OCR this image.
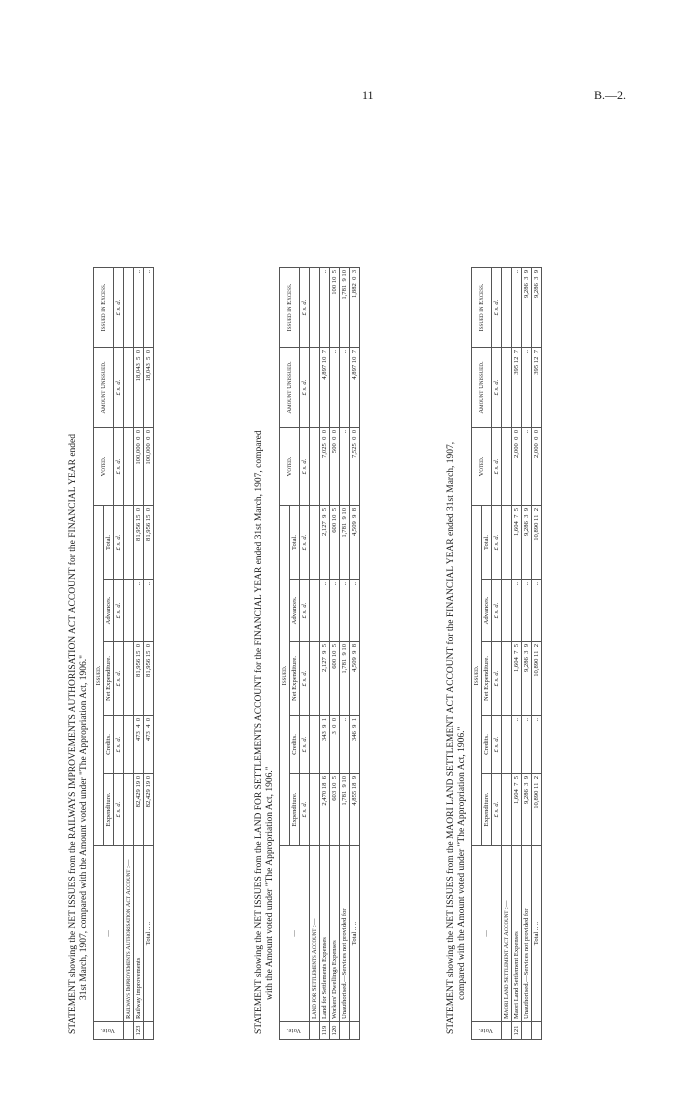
11	B.—2.
STATEMENT showing the NET ISSUES from the RAILWAYS IMPROVEMENTS AUTHORISATION ACT ACCOUNT for the FINANCIAL YEAR ended 31st March, 1907, compared with the Amount voted under "The Appropriation Act, 1906."
Vote.	—	Issued.					Voted.	Amount Unissued.	Issued in Excess.
		Expenditure.	Credits.	Net Expenditure.	Advances.	Total.			
		£ s. d.	£ s. d.	£ s. d.	£ s. d.	£ s. d.	£ s. d.	£ s. d.	£ s. d.
	Railways Improvements Authorisation Act Account :—								
123	Railway improvements	82,429 19 0	473  4  0	81,956 15  0	..	81,956 15  0	100,000  0  0	18,043  5  0	..
	Total .. ..	82,429 19 0	473  4  0	81,956 15  0	..	81,956 15  0	100,000  0  0	18,043  5  0	..
STATEMENT showing the NET ISSUES from the LAND FOR SETTLEMENTS ACCOUNT for the FINANCIAL YEAR ended 31st March, 1907, compared with the Amount voted under "The Appropriation Act, 1906."
Vote.	—	Issued.					Voted.	Amount Unissued.	Issued in Excess.
		Expenditure.	Credits.	Net Expenditure.	Advances.	Total.			
		£ s. d.	£ s. d.	£ s. d.	£ s. d.	£ s. d.	£ s. d.	£ s. d.	£ s. d.
	Land for Settlements Account :—								
119	Land for Settlements Expenses	2,470 18  6	343  9  1	2,127  9  5	..	2,127  9  5	7,025  0  0	4,897 10  7	..
120	Workers' Dwellings Expenses	603 10  5	3  0  0	600 10  5	..	600 10  5	500  0  0	..	100 10  5
	Unauthorised.—Services not provided for	1,781  9 10	..	1,781  9 10	..	1,781  9 10	..	..	1,781  9 10
	Total .. ..	4,855 18  9	346  9  1	4,509  9  8	..	4,509  9  8	7,525  0  0	4,897 10  7	1,882  0  3
STATEMENT showing the NET ISSUES from the MAORI LAND SETTLEMENT ACT ACCOUNT for the FINANCIAL YEAR ended 31st March, 1907, compared with the Amount voted under "The Appropriation Act, 1906."
Vote.	—	Issued.					Voted.	Amount Unissued.	Issued in Excess.
		Expenditure.	Credits.	Net Expenditure.	Advances.	Total.			
		£ s. d.	£ s. d.	£ s. d.	£ s. d.	£ s. d.	£ s. d.	£ s. d.	£ s. d.
	Maori Land Settlement Act Account :—								
121	Maori Land Settlement Expenses	1,604  7  5	..	1,604  7  5	..	1,604  7  5	2,000  0  0	395 12  7	..
	Unauthorised.—Services not provided for	9,286  3  9	..	9,286  3  9	..	9,286  3  9	..	..	9,286  3  9
	Total .. ..	10,890 11  2	..	10,890 11  2	..	10,890 11  2	2,000  0  0	395 12  7	9,286  3  9
